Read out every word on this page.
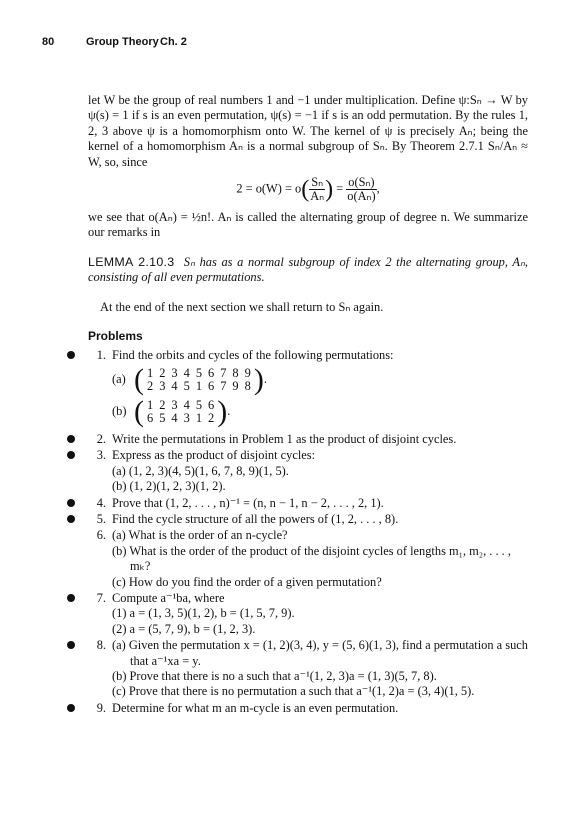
80	Group Theory Ch. 2

let W be the group of real numbers 1 and −1 under multiplication. Define ψ:Sₙ → W by ψ(s) = 1 if s is an even permutation, ψ(s) = −1 if s is an odd permutation. By the rules 1, 2, 3 above ψ is a homomorphism onto W. The kernel of ψ is precisely Aₙ; being the kernel of a homomorphism Aₙ is a normal subgroup of Sₙ. By Theorem 2.7.1 Sₙ/Aₙ ≈ W, so, since

$2 = o(W) = o( \frac{\text{Sₙ}}{\text{Aₙ}}$ ) = $\frac{\text{o(Sₙ)}}{\text{o(Aₙ)}}$ ,

we see that o(Aₙ) = ½n!. Aₙ is called the alternating group of degree n. We summarize our remarks in

LEMMA 2.10.3 Sₙ has as a normal subgroup of index 2 the alternating group, Aₙ, consisting of all even permutations.

At the end of the next section we shall return to Sₙ again.

Problems
1. Find the orbits and cycles of the following permutations:
(a) ( 1	2	3	4	5	6	7	8	9
2	3	4	5	1	6	7	9	8 ) .
(b) ( 1	2	3	4	5	6
6	5	4	3	1	2 ) .
2. Write the permutations in Problem 1 as the product of disjoint cycles.
3. Express as the product of disjoint cycles:
(a) (1, 2, 3)(4, 5)(1, 6, 7, 8, 9)(1, 5).
(b) (1, 2)(1, 2, 3)(1, 2).
4. Prove that (1, 2, . . . , n)⁻¹ = (n, n − 1, n − 2, . . . , 2, 1).
5. Find the cycle structure of all the powers of (1, 2, . . . , 8).
6. (a) What is the order of an n-cycle?
(b) What is the order of the product of the disjoint cycles of lengths m₁, m₂, . . . , mₖ?
(c) How do you find the order of a given permutation?
7. Compute a⁻¹ba, where
(1) a = (1, 3, 5)(1, 2), b = (1, 5, 7, 9).
(2) a = (5, 7, 9), b = (1, 2, 3).
8. (a) Given the permutation x = (1, 2)(3, 4), y = (5, 6)(1, 3), find a permutation a such that a⁻¹xa = y.
(b) Prove that there is no a such that a⁻¹(1, 2, 3)a = (1, 3)(5, 7, 8).
(c) Prove that there is no permutation a such that a⁻¹(1, 2)a = (3, 4)(1, 5).
9. Determine for what m an m-cycle is an even permutation.
